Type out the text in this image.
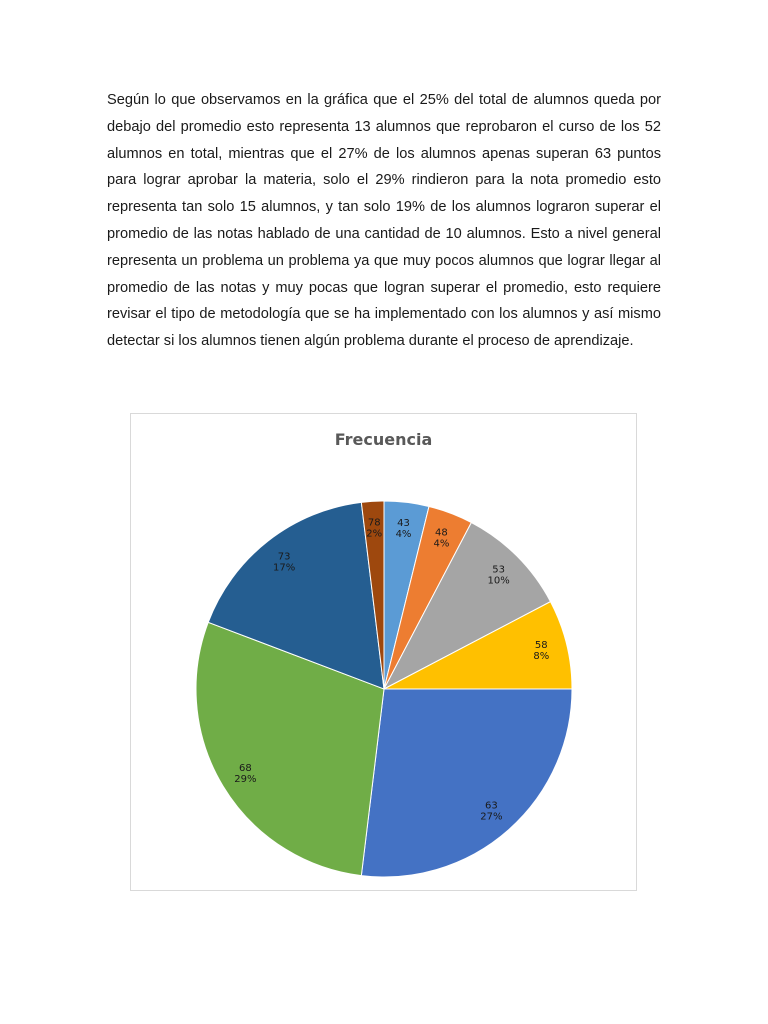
Según lo que observamos en la gráfica que el 25% del total de alumnos queda por debajo del promedio esto representa 13 alumnos que reprobaron el curso de los 52 alumnos en total, mientras que el 27% de los alumnos apenas superan 63 puntos para lograr aprobar la materia, solo el 29% rindieron para la nota promedio esto representa tan solo 15 alumnos, y tan solo 19% de los alumnos lograron superar el promedio de las notas hablado de una cantidad de 10 alumnos. Esto a nivel general representa un problema un problema ya que muy pocos alumnos que lograr llegar al promedio de las notas y muy pocas que logran superar el promedio, esto requiere revisar el tipo de metodología que se ha implementado con los alumnos y así mismo detectar si los alumnos tienen algún problema durante el proceso de aprendizaje.

43 4% 48 4%
53 10%
58 8%
63 27%
68 29%
73 17%
78 2%
Frecuencia
